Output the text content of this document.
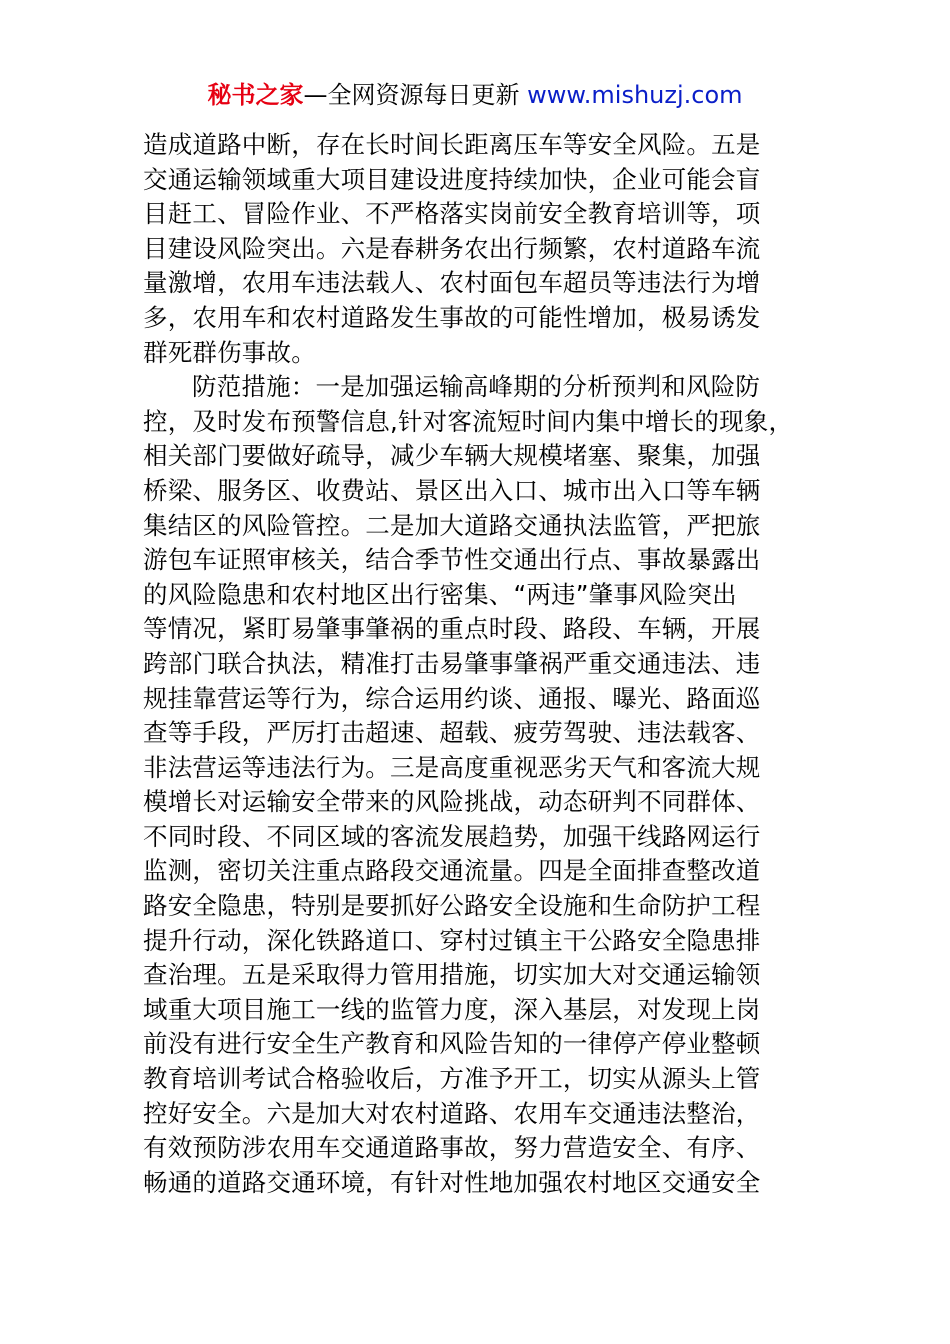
秘书之家—全网资源每日更新 www.mishuzj.com
造成道路中断，存在长时间长距离压车等安全风险。五是
交通运输领域重大项目建设进度持续加快，企业可能会盲
目赶工、冒险作业、不严格落实岗前安全教育培训等，项
目建设风险突出。六是春耕务农出行频繁，农村道路车流
量激增，农用车违法载人、农村面包车超员等违法行为增
多，农用车和农村道路发生事故的可能性增加，极易诱发
群死群伤事故。
防范措施：一是加强运输高峰期的分析预判和风险防
控，及时发布预警信息,针对客流短时间内集中增长的现象，
相关部门要做好疏导，减少车辆大规模堵塞、聚集，加强
桥梁、服务区、收费站、景区出入口、城市出入口等车辆
集结区的风险管控。二是加大道路交通执法监管，严把旅
游包车证照审核关，结合季节性交通出行点、事故暴露出
的风险隐患和农村地区出行密集、“两违”肇事风险突出
等情况，紧盯易肇事肇祸的重点时段、路段、车辆，开展
跨部门联合执法，精准打击易肇事肇祸严重交通违法、违
规挂靠营运等行为，综合运用约谈、通报、曝光、路面巡
查等手段，严厉打击超速、超载、疲劳驾驶、违法载客、
非法营运等违法行为。三是高度重视恶劣天气和客流大规
模增长对运输安全带来的风险挑战，动态研判不同群体、
不同时段、不同区域的客流发展趋势，加强干线路网运行
监测，密切关注重点路段交通流量。四是全面排查整改道
路安全隐患，特别是要抓好公路安全设施和生命防护工程
提升行动，深化铁路道口、穿村过镇主干公路安全隐患排
查治理。五是采取得力管用措施，切实加大对交通运输领
域重大项目施工一线的监管力度，深入基层，对发现上岗
前没有进行安全生产教育和风险告知的一律停产停业整顿
教育培训考试合格验收后，方准予开工，切实从源头上管
控好安全。六是加大对农村道路、农用车交通违法整治，
有效预防涉农用车交通道路事故，努力营造安全、有序、
畅通的道路交通环境，有针对性地加强农村地区交通安全
